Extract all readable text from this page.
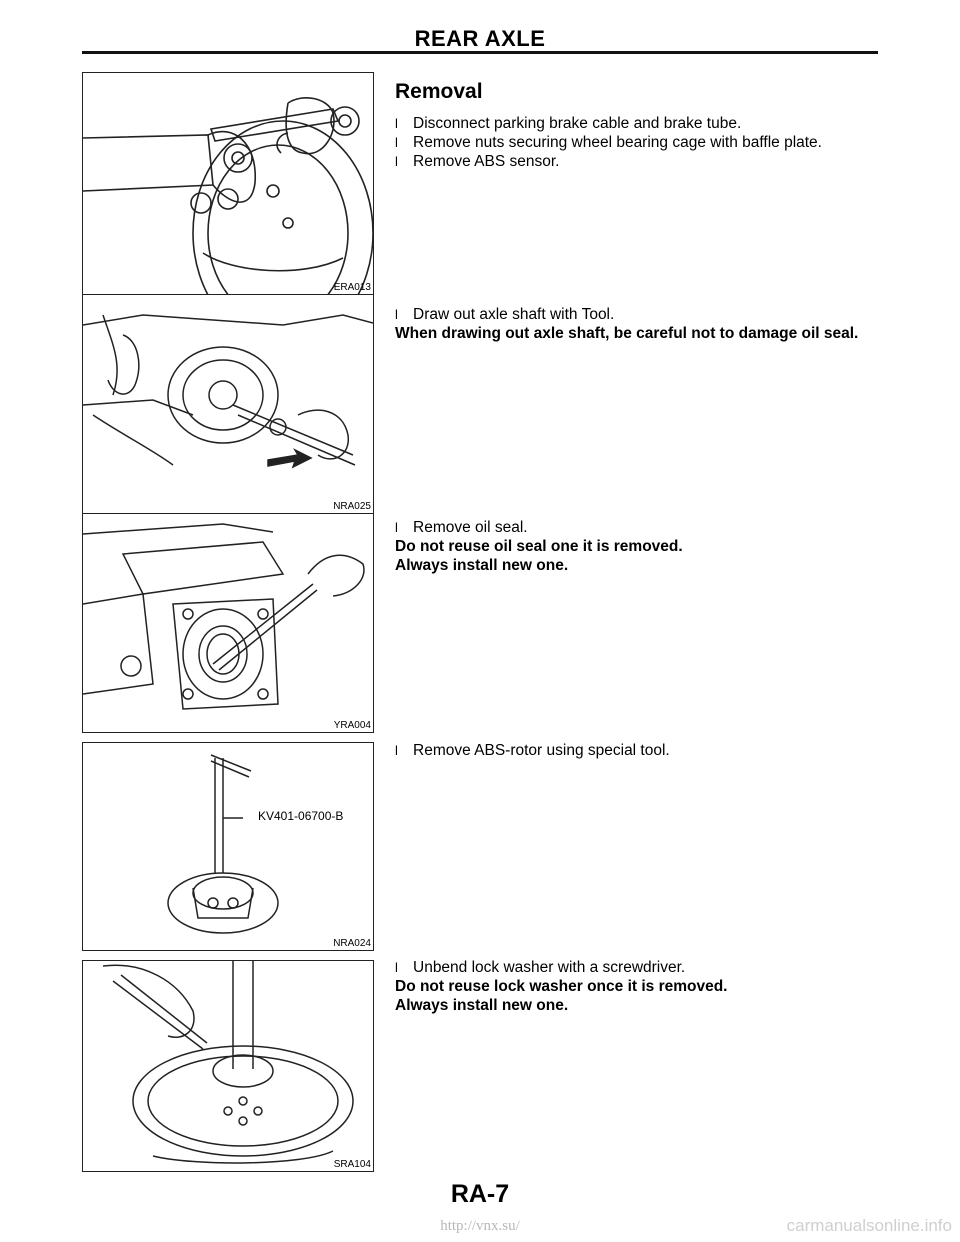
REAR AXLE
ERA013
NRA025
YRA004
KV401-06700-B
NRA024
SRA104
Removal
l Disconnect parking brake cable and brake tube.
l Remove nuts securing wheel bearing cage with baffle plate.
l Remove ABS sensor.
l Draw out axle shaft with Tool.
When drawing out axle shaft, be careful not to damage oil seal.
l Remove oil seal.
Do not reuse oil seal one it is removed.
Always install new one.
l Remove ABS-rotor using special tool.
l Unbend lock washer with a screwdriver.
Do not reuse lock washer once it is removed.
Always install new one.
RA-7
http://vnx.su/	carmanualsonline.info
